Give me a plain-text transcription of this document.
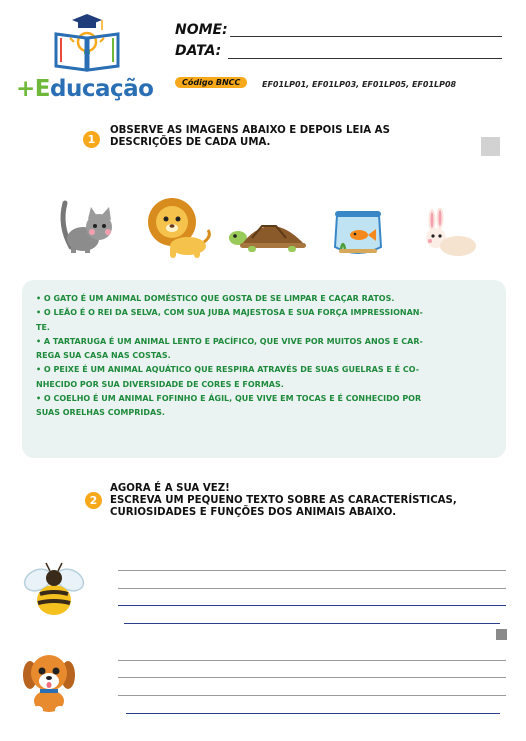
+Educação
NOME:
DATA:
Código BNCC	EF01LP01, EF01LP03, EF01LP05, EF01LP08
1
OBSERVE AS IMAGENS ABAIXO E DEPOIS LEIA AS
DESCRIÇÕES DE CADA UMA.

• O GATO É UM ANIMAL DOMÉSTICO QUE GOSTA DE SE LIMPAR E CAÇAR RATOS.

• O LEÃO É O REI DA SELVA, COM SUA JUBA MAJESTOSA E SUA FORÇA IMPRESSIONAN-

TE.

• A TARTARUGA É UM ANIMAL LENTO E PACÍFICO, QUE VIVE POR MUITOS ANOS E CAR-

REGA SUA CASA NAS COSTAS.

• O PEIXE É UM ANIMAL AQUÁTICO QUE RESPIRA ATRAVÉS DE SUAS GUELRAS E É CO-

NHECIDO POR SUA DIVERSIDADE DE CORES E FORMAS.

• O COELHO É UM ANIMAL FOFINHO E ÁGIL, QUE VIVE EM TOCAS E É CONHECIDO POR

SUAS ORELHAS COMPRIDAS.

2
AGORA É A SUA VEZ!
ESCREVA UM PEQUENO TEXTO SOBRE AS CARACTERÍSTICAS,
CURIOSIDADES E FUNÇÕES DOS ANIMAIS ABAIXO.
